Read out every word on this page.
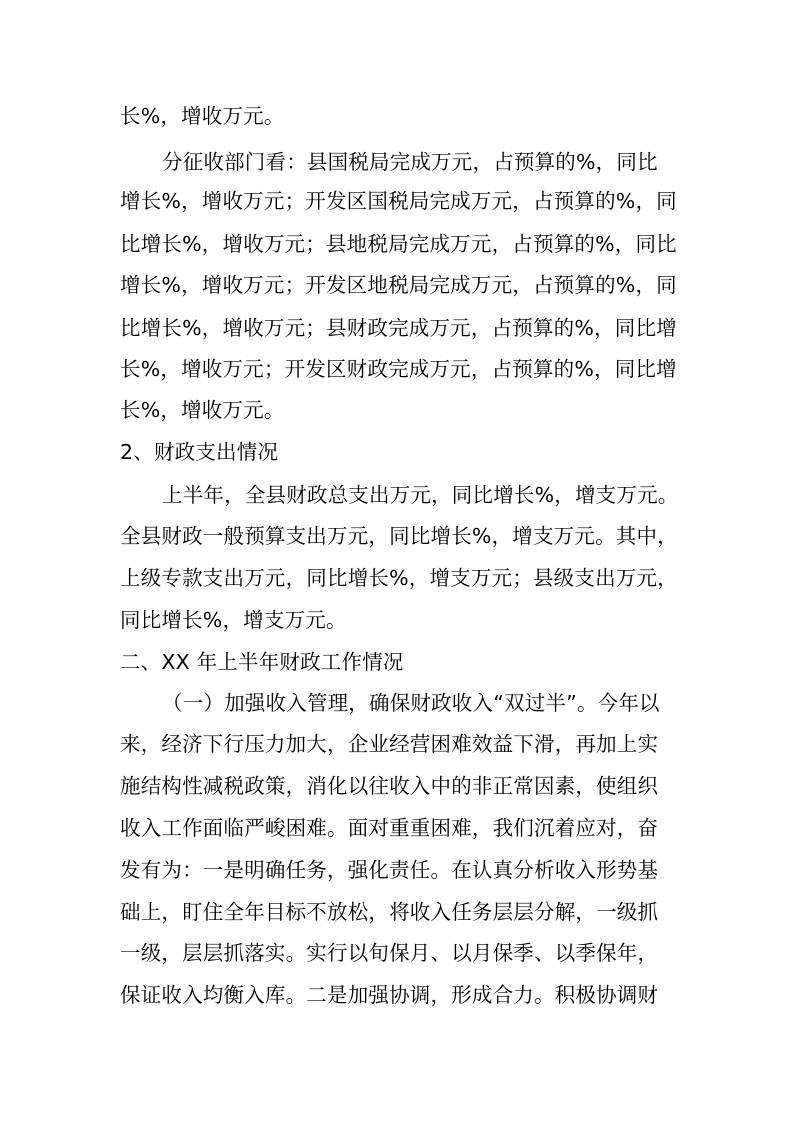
长%，增收万元。
分征收部门看：县国税局完成万元，占预算的%，同比
增长%，增收万元；开发区国税局完成万元，占预算的%，同
比增长%，增收万元；县地税局完成万元，占预算的%，同比
增长%，增收万元；开发区地税局完成万元，占预算的%，同
比增长%，增收万元；县财政完成万元，占预算的%，同比增
长%，增收万元；开发区财政完成万元，占预算的%，同比增
长%，增收万元。
2、财政支出情况
上半年，全县财政总支出万元，同比增长%，增支万元。
全县财政一般预算支出万元，同比增长%，增支万元。其中，
上级专款支出万元，同比增长%，增支万元；县级支出万元，
同比增长%，增支万元。
二、XX 年上半年财政工作情况
（一）加强收入管理，确保财政收入“双过半”。今年以
来，经济下行压力加大，企业经营困难效益下滑，再加上实
施结构性减税政策，消化以往收入中的非正常因素，使组织
收入工作面临严峻困难。面对重重困难，我们沉着应对，奋
发有为：一是明确任务，强化责任。在认真分析收入形势基
础上，盯住全年目标不放松，将收入任务层层分解，一级抓
一级，层层抓落实。实行以旬保月、以月保季、以季保年，
保证收入均衡入库。二是加强协调，形成合力。积极协调财
